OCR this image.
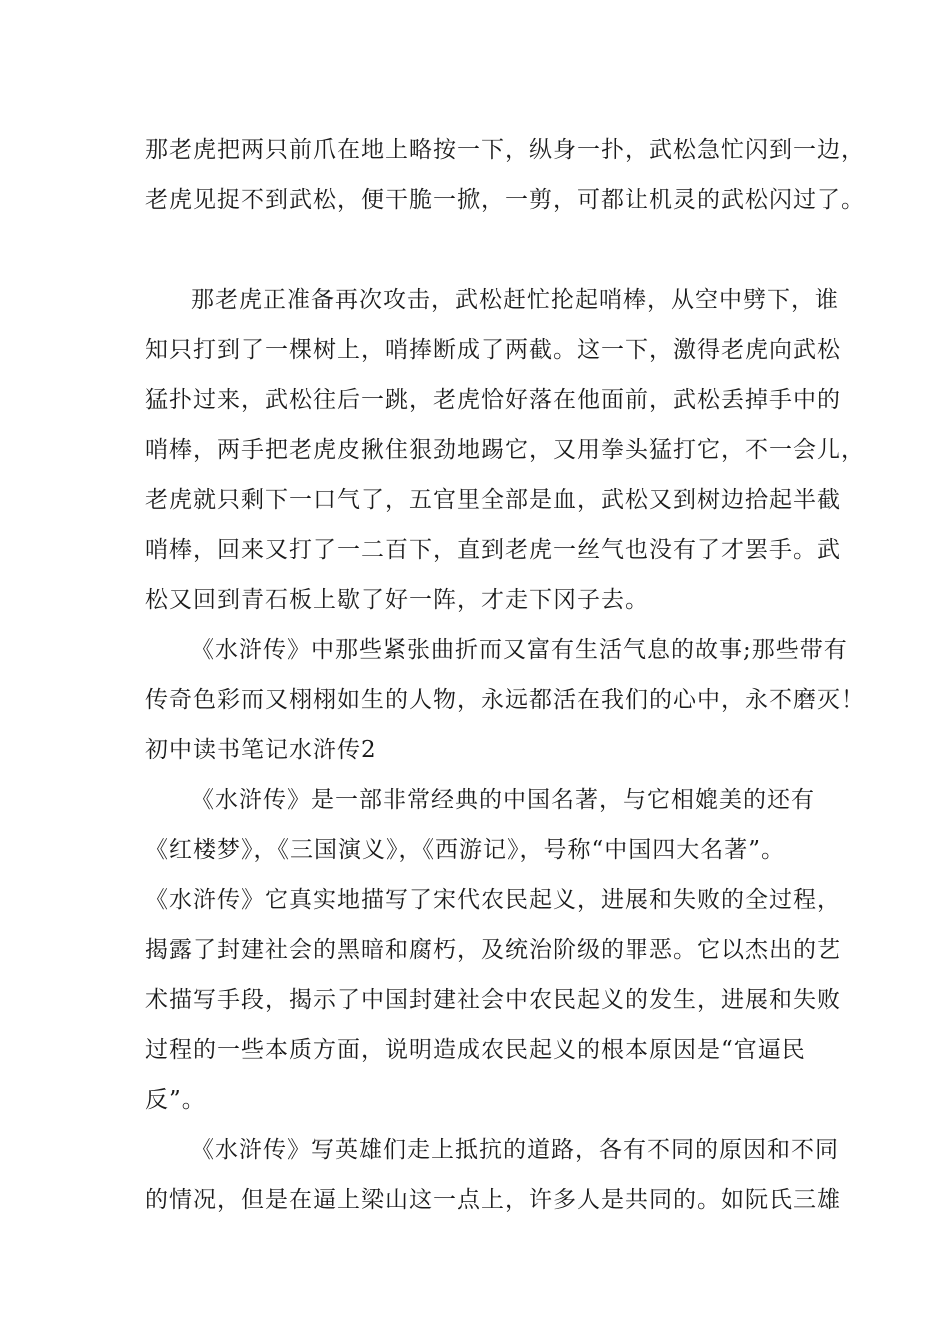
那老虎把两只前爪在地上略按一下，纵身一扑，武松急忙闪到一边，
老虎见捉不到武松，便干脆一掀，一剪，可都让机灵的武松闪过了。
那老虎正准备再次攻击，武松赶忙抡起哨棒，从空中劈下，谁
知只打到了一棵树上，哨捧断成了两截。这一下，激得老虎向武松
猛扑过来，武松往后一跳，老虎恰好落在他面前，武松丢掉手中的
哨棒，两手把老虎皮揪住狠劲地踢它，又用拳头猛打它，不一会儿，
老虎就只剩下一口气了，五官里全部是血，武松又到树边拾起半截
哨棒，回来又打了一二百下，直到老虎一丝气也没有了才罢手。武
松又回到青石板上歇了好一阵，才走下冈子去。
《水浒传》中那些紧张曲折而又富有生活气息的故事;那些带有
传奇色彩而又栩栩如生的人物，永远都活在我们的心中，永不磨灭！
初中读书笔记水浒传2
《水浒传》是一部非常经典的中国名著，与它相媲美的还有
《红楼梦》，《三国演义》，《西游记》，号称“中国四大名著”。
《水浒传》它真实地描写了宋代农民起义，进展和失败的全过程，
揭露了封建社会的黑暗和腐朽，及统治阶级的罪恶。它以杰出的艺
术描写手段，揭示了中国封建社会中农民起义的发生，进展和失败
过程的一些本质方面，说明造成农民起义的根本原因是“官逼民
反”。
《水浒传》写英雄们走上抵抗的道路，各有不同的原因和不同
的情况，但是在逼上梁山这一点上，许多人是共同的。如阮氏三雄
